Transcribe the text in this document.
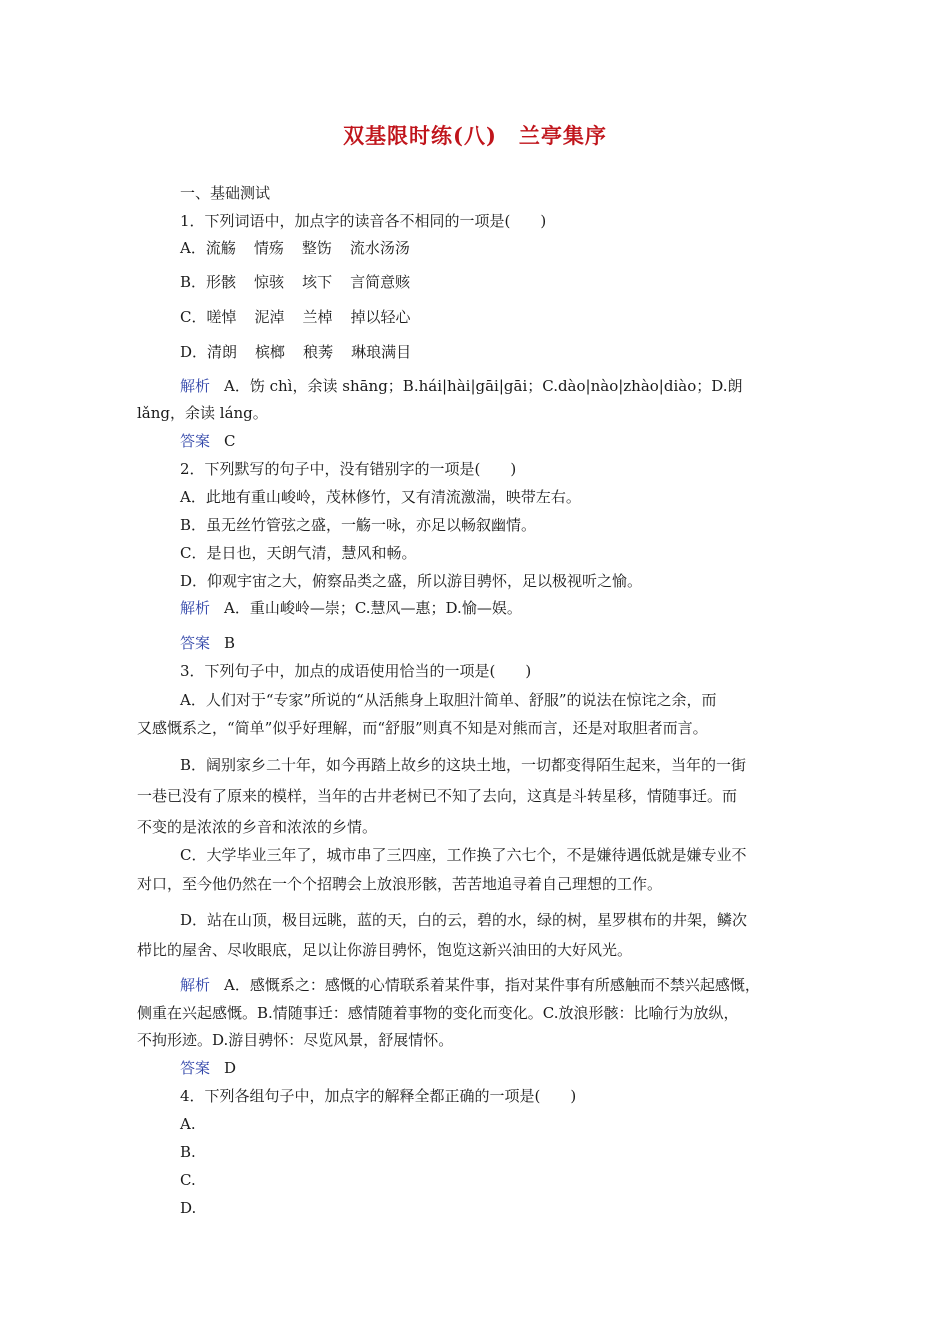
双基限时练(八)　兰亭集序
一、基础测试
1．下列词语中，加点字的读音各不相同的一项是(　　)
A．流觞 情殇 整饬 流水汤汤
B．形骸 惊骇 垓下 言简意赅
C．嗟悼 泥淖 兰棹 掉以轻心
D．清朗 槟榔 稂莠 琳琅满目
解析 A．饬 chì，余读 shāng；B.hái|hài|gāi|gāi；C.dào|nào|zhào|diào；D.朗
lǎng，余读 láng。
答案 C
2．下列默写的句子中，没有错别字的一项是(　　)
A．此地有重山峻岭，茂林修竹，又有清流激湍，映带左右。
B．虽无丝竹管弦之盛，一觞一咏，亦足以畅叙幽情。
C．是日也，天朗气清，慧风和畅。
D．仰观宇宙之大，俯察品类之盛，所以游目骋怀，足以极视听之愉。
解析 A．重山峻岭—崇；C.慧风—惠；D.愉—娱。
答案 B
3．下列句子中，加点的成语使用恰当的一项是(　　)
A．人们对于“专家”所说的“从活熊身上取胆汁简单、舒服”的说法在惊诧之余，而
又感慨系之，“简单”似乎好理解，而“舒服”则真不知是对熊而言，还是对取胆者而言。
B．阔别家乡二十年，如今再踏上故乡的这块土地，一切都变得陌生起来，当年的一街
一巷已没有了原来的模样，当年的古井老树已不知了去向，这真是斗转星移，情随事迁。而
不变的是浓浓的乡音和浓浓的乡情。
C．大学毕业三年了，城市串了三四座，工作换了六七个，不是嫌待遇低就是嫌专业不
对口，至今他仍然在一个个招聘会上放浪形骸，苦苦地追寻着自己理想的工作。
D．站在山顶，极目远眺，蓝的天，白的云，碧的水，绿的树，星罗棋布的井架，鳞次
栉比的屋舍、尽收眼底，足以让你游目骋怀，饱览这新兴油田的大好风光。
解析 A．感慨系之：感慨的心情联系着某件事，指对某件事有所感触而不禁兴起感慨，
侧重在兴起感慨。B.情随事迁：感情随着事物的变化而变化。C.放浪形骸：比喻行为放纵，
不拘形迹。D.游目骋怀：尽览风景，舒展情怀。
答案 D
4．下列各组句子中，加点字的解释全都正确的一项是(　　)
A.
B.
C.
D.
